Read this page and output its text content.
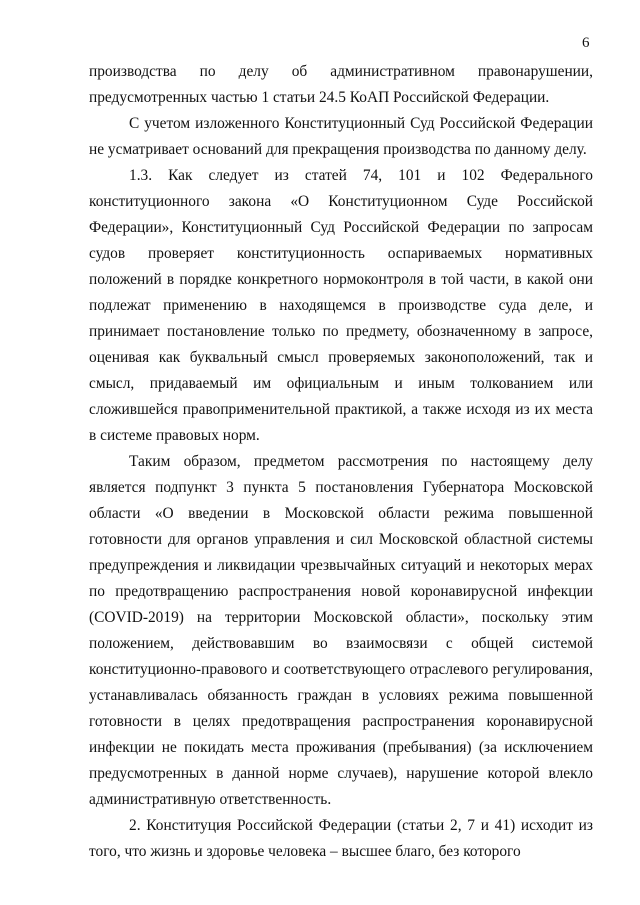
6

производства по делу об административном правонарушении, предусмотренных частью 1 статьи 24.5 КоАП Российской Федерации.

С учетом изложенного Конституционный Суд Российской Федерации не усматривает оснований для прекращения производства по данному делу.

1.3. Как следует из статей 74, 101 и 102 Федерального конституционного закона «О Конституционном Суде Российской Федерации», Конституционный Суд Российской Федерации по запросам судов проверяет конституционность оспариваемых нормативных положений в порядке конкретного нормоконтроля в той части, в какой они подлежат применению в находящемся в производстве суда деле, и принимает постановление только по предмету, обозначенному в запросе, оценивая как буквальный смысл проверяемых законоположений, так и смысл, придаваемый им официальным и иным толкованием или сложившейся правоприменительной практикой, а также исходя из их места в системе правовых норм.

Таким образом, предметом рассмотрения по настоящему делу является подпункт 3 пункта 5 постановления Губернатора Московской области «О введении в Московской области режима повышенной готовности для органов управления и сил Московской областной системы предупреждения и ликвидации чрезвычайных ситуаций и некоторых мерах по предотвращению распространения новой коронавирусной инфекции (COVID-2019) на территории Московской области», поскольку этим положением, действовавшим во взаимосвязи с общей системой конституционно-правового и соответствующего отраслевого регулирования, устанавливалась обязанность граждан в условиях режима повышенной готовности в целях предотвращения распространения коронавирусной инфекции не покидать места проживания (пребывания) (за исключением предусмотренных в данной норме случаев), нарушение которой влекло административную ответственность.

2. Конституция Российской Федерации (статьи 2, 7 и 41) исходит из того, что жизнь и здоровье человека – высшее благо, без которого
